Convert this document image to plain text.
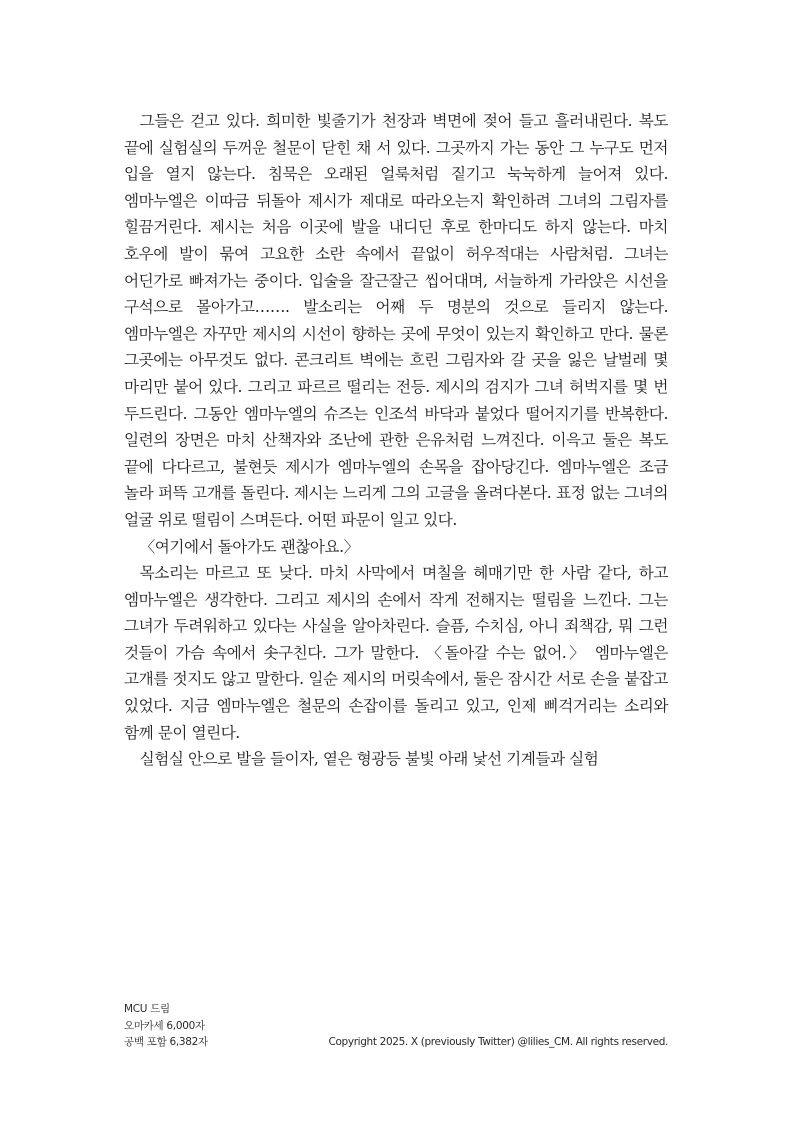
그들은 걷고 있다. 희미한 빛줄기가 천장과 벽면에 젖어 들고 흘러내린다. 복도 끝에 실험실의 두꺼운 철문이 닫힌 채 서 있다. 그곳까지 가는 동안 그 누구도 먼저 입을 열지 않는다. 침묵은 오래된 얼룩처럼 짙기고 눅눅하게 늘어져 있다. 엠마누엘은 이따금 뒤돌아 제시가 제대로 따라오는지 확인하려 그녀의 그림자를 힐끔거린다. 제시는 처음 이곳에 발을 내디딘 후로 한마디도 하지 않는다. 마치 호우에 발이 묶여 고요한 소란 속에서 끝없이 허우적대는 사람처럼. 그녀는 어딘가로 빠져가는 중이다. 입술을 잘근잘근 씹어대며, 서늘하게 가라앉은 시선을 구석으로 몰아가고……. 발소리는 어째 두 명분의 것으로 들리지 않는다. 엠마누엘은 자꾸만 제시의 시선이 향하는 곳에 무엇이 있는지 확인하고 만다. 물론 그곳에는 아무것도 없다. 콘크리트 벽에는 흐린 그림자와 갈 곳을 잃은 날벌레 몇 마리만 붙어 있다. 그리고 파르르 떨리는 전등. 제시의 검지가 그녀 허벅지를 몇 번 두드린다. 그동안 엠마누엘의 슈즈는 인조석 바닥과 붙었다 떨어지기를 반복한다. 일련의 장면은 마치 산책자와 조난에 관한 은유처럼 느껴진다. 이윽고 둘은 복도 끝에 다다르고, 불현듯 제시가 엠마누엘의 손목을 잡아당긴다. 엠마누엘은 조금 놀라 퍼뜩 고개를 돌린다. 제시는 느리게 그의 고글을 올려다본다. 표정 없는 그녀의 얼굴 위로 떨림이 스며든다. 어떤 파문이 일고 있다.

〈여기에서 돌아가도 괜찮아요.〉

목소리는 마르고 또 낮다. 마치 사막에서 며칠을 헤매기만 한 사람 같다, 하고 엠마누엘은 생각한다. 그리고 제시의 손에서 작게 전해지는 떨림을 느낀다. 그는 그녀가 두려워하고 있다는 사실을 알아차린다. 슬픔, 수치심, 아니 죄책감, 뭐 그런 것들이 가슴 속에서 솟구친다. 그가 말한다. 〈돌아갈 수는 없어.〉 엠마누엘은 고개를 젓지도 않고 말한다. 일순 제시의 머릿속에서, 둘은 잠시간 서로 손을 붙잡고 있었다. 지금 엠마누엘은 철문의 손잡이를 돌리고 있고, 인제 삐걱거리는 소리와 함께 문이 열린다.

실험실 안으로 발을 들이자, 옅은 형광등 불빛 아래 낯선 기계들과 실험

MCU 드림
오마카세 6,000자
공백 포함 6,382자	Copyright 2025. X (previously Twitter) @lilies_CM. All rights reserved.
